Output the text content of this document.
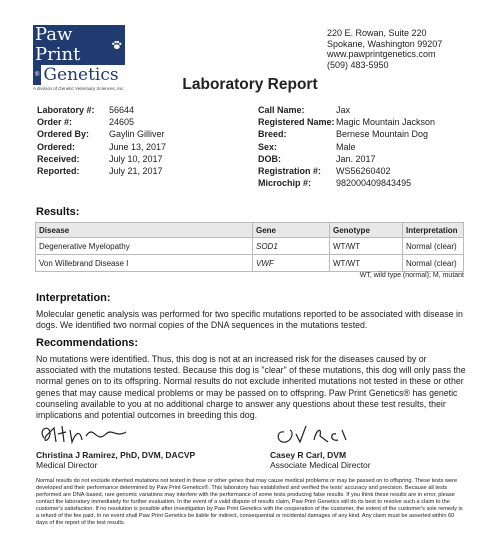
Paw Print
® Genetics
A division of Genetic Veterinary Sciences, Inc.
220 E. Rowan, Suite 220
Spokane, Washington 99207
www.pawprintgenetics.com
(509) 483-5950
Laboratory Report
Laboratory #:	56644
Order #:	24605
Ordered By:	Gaylin Gilliver
Ordered:	June 13, 2017
Received:	July 10, 2017
Reported:	July 21, 2017
Call Name:	Jax
Registered Name: Magic Mountain Jackson
Breed:	Bernese Mountain Dog
Sex:	Male
DOB:	Jan. 2017
Registration #:	WS56260402
Microchip #:	982000409843495
Results:
Disease	Gene	Genotype	Interpretation
Degenerative Myelopathy	SOD1	WT/WT	Normal (clear)
Von Willebrand Disease I	VWF	WT/WT	Normal (clear)
WT, wild type (normal); M, mutant
Interpretation:
Molecular genetic analysis was performed for two specific mutations reported to be associated with disease in dogs. We identified two normal copies of the DNA sequences in the mutations tested.
Recommendations:
No mutations were identified. Thus, this dog is not at an increased risk for the diseases caused by or associated with the mutations tested. Because this dog is "clear" of these mutations, this dog will only pass the normal genes on to its offspring. Normal results do not exclude inherited mutations not tested in these or other genes that may cause medical problems or may be passed on to offspring. Paw Print Genetics® has genetic counseling available to you at no additional charge to answer any questions about these test results, their implications and potential outcomes in breeding this dog.
Christina J Ramirez, PhD, DVM, DACVP
Medical Director
Casey R Carl, DVM
Associate Medical Director
Normal results do not exclude inherited mutations not tested in these or other genes that may cause medical problems or may be passed on to offspring. These tests were developed and their performance determined by Paw Print Genetics®. This laboratory has established and verified the tests' accuracy and precision. Because all tests performed are DNA-based, rare genomic variations may interfere with the performance of some tests producing false results. If you think these results are in error, please contact the laboratory immediately for further evaluation. In the event of a valid dispute of results claim, Paw Print Genetics will do its best to resolve such a claim to the customer's satisfaction. If no resolution is possible after investigation by Paw Print Genetics with the cooperation of the customer, the extent of the customer's sole remedy is a refund of the fee paid. In no event shall Paw Print Genetics be liable for indirect, consequential or incidental damages of any kind. Any claim must be asserted within 60 days of the report of the test results.
